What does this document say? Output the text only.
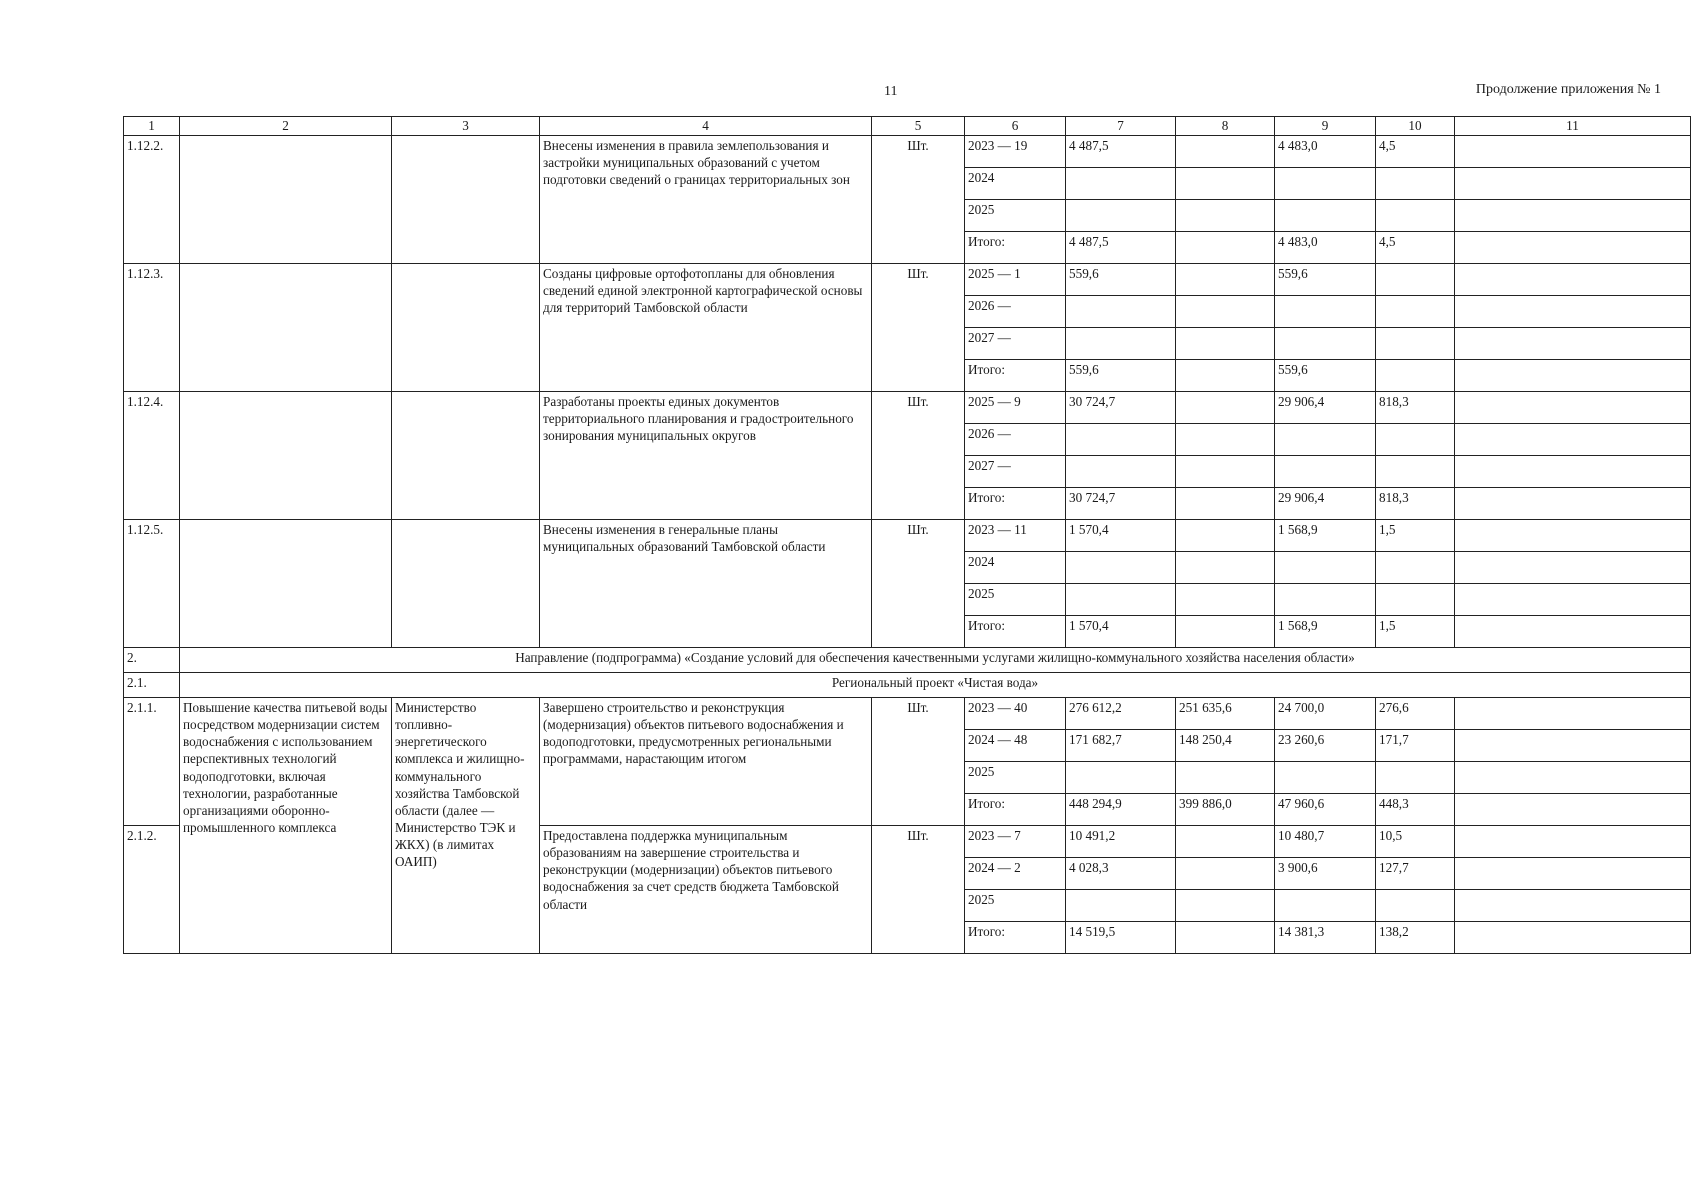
11	Продолжение приложения № 1
1	2	3	4	5	6	7	8	9	10	11
1.12.2.			Внесены изменения в правила землепользования и застройки муниципальных образований с учетом подготовки сведений о границах территориальных зон	Шт.	2023 — 19	4 487,5		4 483,0	4,5	
					2024					
					2025					
					Итого:	4 487,5		4 483,0	4,5	
1.12.3.			Созданы цифровые ортофотопланы для обновления сведений единой электронной картографической основы для территорий Тамбовской области	Шт.	2025 — 1	559,6		559,6		
					2026 —					
					2027 —					
					Итого:	559,6		559,6		
1.12.4.			Разработаны проекты единых документов территориального планирования и градостроительного зонирования муниципальных округов	Шт.	2025 — 9	30 724,7		29 906,4	818,3	
					2026 —					
					2027 —					
					Итого:	30 724,7		29 906,4	818,3	
1.12.5.			Внесены изменения в генеральные планы муниципальных образований Тамбовской области	Шт.	2023 — 11	1 570,4		1 568,9	1,5	
					2024					
					2025					
					Итого:	1 570,4		1 568,9	1,5	
2.	Направление (подпрограмма) «Создание условий для обеспечения качественными услугами жилищно-коммунального хозяйства населения области»									
2.1.	Региональный проект «Чистая вода»									
2.1.1.	Повышение качества питьевой воды посредством модернизации систем водоснабжения с использованием перспективных технологий водоподготовки, включая технологии, разработанные организациями оборонно-промышленного комплекса	Министерство топливно-энергетического комплекса и жилищно-коммунального хозяйства Тамбовской области (далее — Министерство ТЭК и ЖКХ) (в лимитах ОАИП)	Завершено строительство и реконструкция (модернизация) объектов питьевого водоснабжения и водоподготовки, предусмотренных региональными программами, нарастающим итогом	Шт.	2023 — 40	276 612,2	251 635,6	24 700,0	276,6	
					2024 — 48	171 682,7	148 250,4	23 260,6	171,7	
					2025					
					Итого:	448 294,9	399 886,0	47 960,6	448,3	
2.1.2.			Предоставлена поддержка муниципальным образованиям на завершение строительства и реконструкции (модернизации) объектов питьевого водоснабжения за счет средств бюджета Тамбовской области	Шт.	2023 — 7	10 491,2		10 480,7	10,5	
					2024 — 2	4 028,3		3 900,6	127,7	
					2025					
					Итого:	14 519,5		14 381,3	138,2	
